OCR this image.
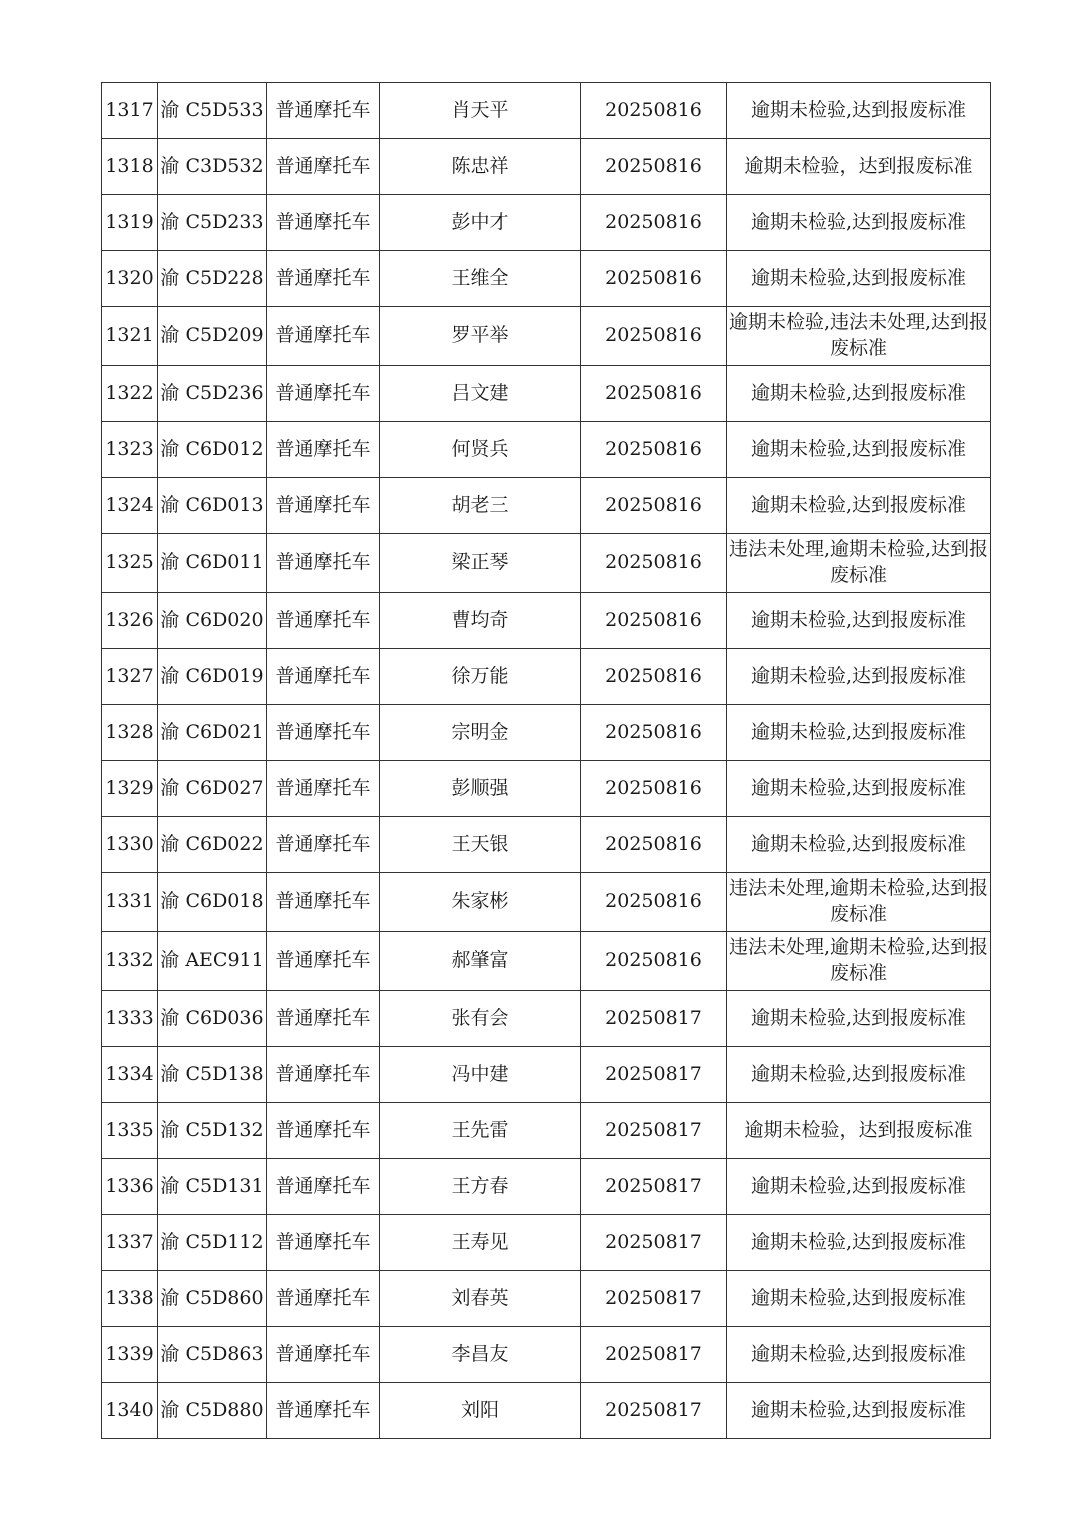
1317	渝 C5D533	普通摩托车	肖天平	20250816	逾期未检验,达到报废标准
1318	渝 C3D532	普通摩托车	陈忠祥	20250816	逾期未检验，达到报废标准
1319	渝 C5D233	普通摩托车	彭中才	20250816	逾期未检验,达到报废标准
1320	渝 C5D228	普通摩托车	王维全	20250816	逾期未检验,达到报废标准
1321	渝 C5D209	普通摩托车	罗平举	20250816	逾期未检验,违法未处理,达到报废标准
1322	渝 C5D236	普通摩托车	吕文建	20250816	逾期未检验,达到报废标准
1323	渝 C6D012	普通摩托车	何贤兵	20250816	逾期未检验,达到报废标准
1324	渝 C6D013	普通摩托车	胡老三	20250816	逾期未检验,达到报废标准
1325	渝 C6D011	普通摩托车	梁正琴	20250816	违法未处理,逾期未检验,达到报废标准
1326	渝 C6D020	普通摩托车	曹均奇	20250816	逾期未检验,达到报废标准
1327	渝 C6D019	普通摩托车	徐万能	20250816	逾期未检验,达到报废标准
1328	渝 C6D021	普通摩托车	宗明金	20250816	逾期未检验,达到报废标准
1329	渝 C6D027	普通摩托车	彭顺强	20250816	逾期未检验,达到报废标准
1330	渝 C6D022	普通摩托车	王天银	20250816	逾期未检验,达到报废标准
1331	渝 C6D018	普通摩托车	朱家彬	20250816	违法未处理,逾期未检验,达到报废标准
1332	渝 AEC911	普通摩托车	郝肇富	20250816	违法未处理,逾期未检验,达到报废标准
1333	渝 C6D036	普通摩托车	张有会	20250817	逾期未检验,达到报废标准
1334	渝 C5D138	普通摩托车	冯中建	20250817	逾期未检验,达到报废标准
1335	渝 C5D132	普通摩托车	王先雷	20250817	逾期未检验，达到报废标准
1336	渝 C5D131	普通摩托车	王方春	20250817	逾期未检验,达到报废标准
1337	渝 C5D112	普通摩托车	王寿见	20250817	逾期未检验,达到报废标准
1338	渝 C5D860	普通摩托车	刘春英	20250817	逾期未检验,达到报废标准
1339	渝 C5D863	普通摩托车	李昌友	20250817	逾期未检验,达到报废标准
1340	渝 C5D880	普通摩托车	刘阳	20250817	逾期未检验,达到报废标准
